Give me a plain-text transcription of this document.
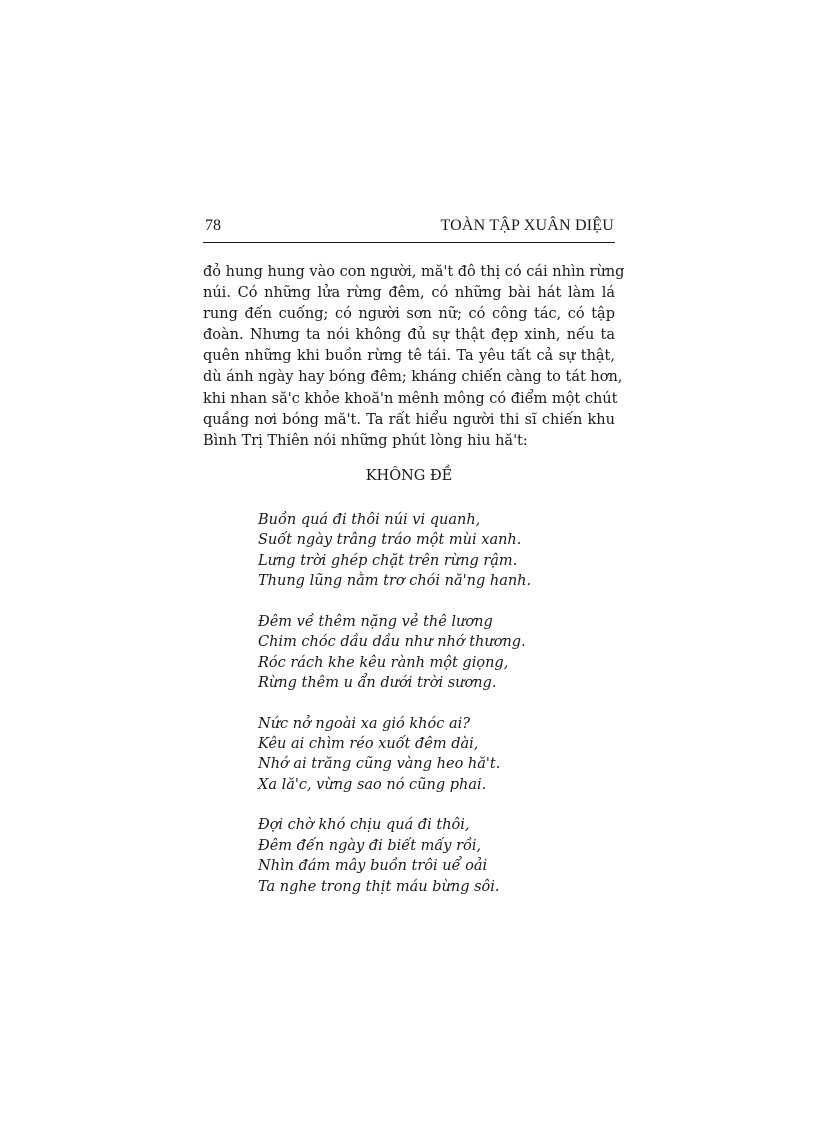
78	TOÀN TẬP XUÂN DIỆU
đỏ hung hung vào con người, mă't đô thị có cái nhìn rừng
núi. Có những lửa rừng đêm, có những bài hát làm lá
rung đến cuống; có người sơn nữ; có công tác, có tập
đoàn. Nhưng ta nói không đủ sự thật đẹp xinh, nếu ta
quên những khi buồn rừng tê tái. Ta yêu tất cả sự thật,
dù ánh ngày hay bóng đêm; kháng chiến càng to tát hơn,
khi nhan să'c khỏe khoă'n mênh mông có điểm một chút
quầng nơi bóng mă't. Ta rất hiểu người thi sĩ chiến khu
Bình Trị Thiên nói những phút lòng hiu hă't:
KHÔNG ĐỀ
Buồn quá đi thôi núi vi quanh,
Suốt ngày trâng tráo một mùi xanh.
Lưng trời ghép chặt trên rừng rậm.
Thung lũng nằm trơ chói nă'ng hanh.
Đêm về thêm nặng vẻ thê lương
Chim chóc dầu dầu như nhớ thương.
Róc rách khe kêu rành một giọng,
Rừng thêm u ẩn dưới trời sương.
Nức nở ngoài xa gió khóc ai?
Kêu ai chìm réo xuốt đêm dài,
Nhớ ai trăng cũng vàng heo hă't.
Xa lă'c, vừng sao nó cũng phai.
Đợi chờ khó chịu quá đi thôi,
Đêm đến ngày đi biết mấy rồi,
Nhìn đám mây buồn trôi uể oải
Ta nghe trong thịt máu bừng sôi.
